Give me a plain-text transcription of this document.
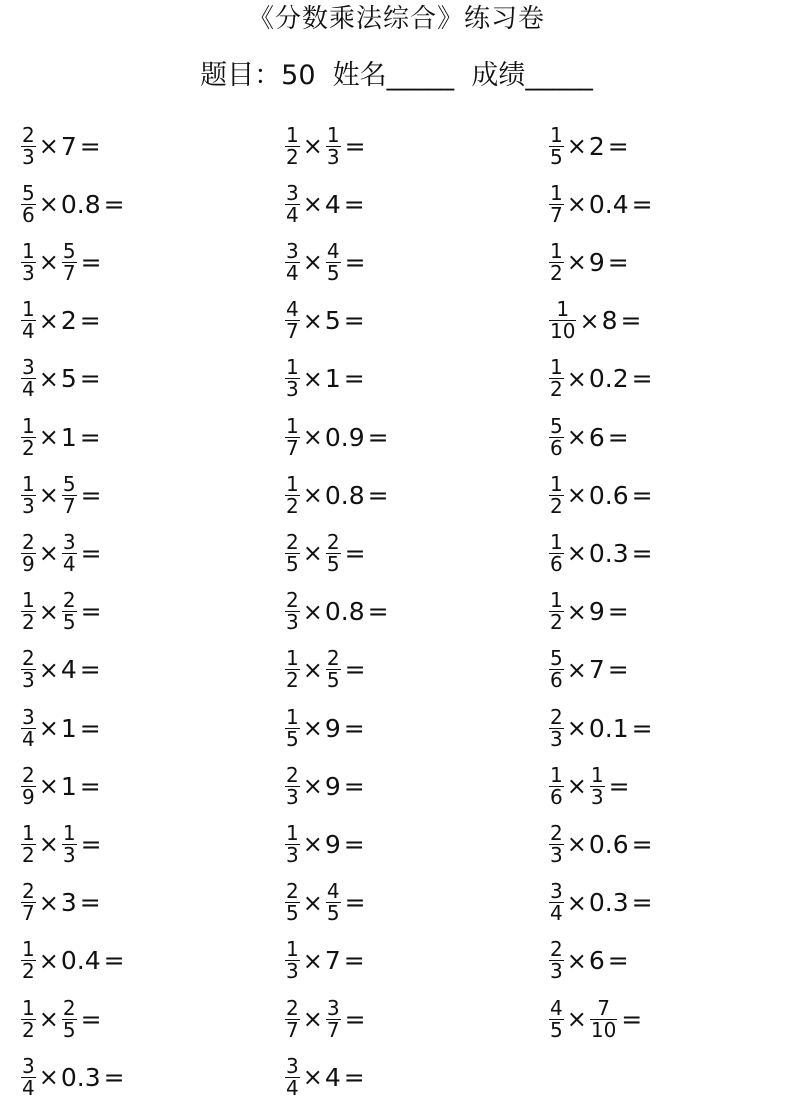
《分数乘法综合》练习卷
题目：50  姓名_____  成绩_____
$\frac{2}{3} \times 7$ =
$\frac{5}{6} \times 0.8$ =
$\frac{1}{3} \times \frac{5}{7}$ =
$\frac{1}{4} \times 2$ =
$\frac{3}{4} \times 5$ =
$\frac{1}{2} \times 1$ =
$\frac{1}{3} \times \frac{5}{7}$ =
$\frac{2}{9} \times \frac{3}{4}$ =
$\frac{1}{2} \times \frac{2}{5}$ =
$\frac{2}{3} \times 4$ =
$\frac{3}{4} \times 1$ =
$\frac{2}{9} \times 1$ =
$\frac{1}{2} \times \frac{1}{3}$ =
$\frac{2}{7} \times 3$ =
$\frac{1}{2} \times 0.4$ =
$\frac{1}{2} \times \frac{2}{5}$ =
$\frac{3}{4} \times 0.3$ =
$\frac{1}{2} \times \frac{1}{3}$ =
$\frac{3}{4} \times 4$ =
$\frac{3}{4} \times \frac{4}{5}$ =
$\frac{4}{7} \times 5$ =
$\frac{1}{3} \times 1$ =
$\frac{1}{7} \times 0.9$ =
$\frac{1}{2} \times 0.8$ =
$\frac{2}{5} \times \frac{2}{5}$ =
$\frac{2}{3} \times 0.8$ =
$\frac{1}{2} \times \frac{2}{5}$ =
$\frac{1}{5} \times 9$ =
$\frac{2}{3} \times 9$ =
$\frac{1}{3} \times 9$ =
$\frac{2}{5} \times \frac{4}{5}$ =
$\frac{1}{3} \times 7$ =
$\frac{2}{7} \times \frac{3}{7}$ =
$\frac{3}{4} \times 4$ =
$\frac{1}{5} \times 2$ =
$\frac{1}{7} \times 0.4$ =
$\frac{1}{2} \times 9$ =
$\frac{1}{10} \times 8$ =
$\frac{1}{2} \times 0.2$ =
$\frac{5}{6} \times 6$ =
$\frac{1}{2} \times 0.6$ =
$\frac{1}{6} \times 0.3$ =
$\frac{1}{2} \times 9$ =
$\frac{5}{6} \times 7$ =
$\frac{2}{3} \times 0.1$ =
$\frac{1}{6} \times \frac{1}{3}$ =
$\frac{2}{3} \times 0.6$ =
$\frac{3}{4} \times 0.3$ =
$\frac{2}{3} \times 6$ =
$\frac{4}{5} \times \frac{7}{10}$ =
